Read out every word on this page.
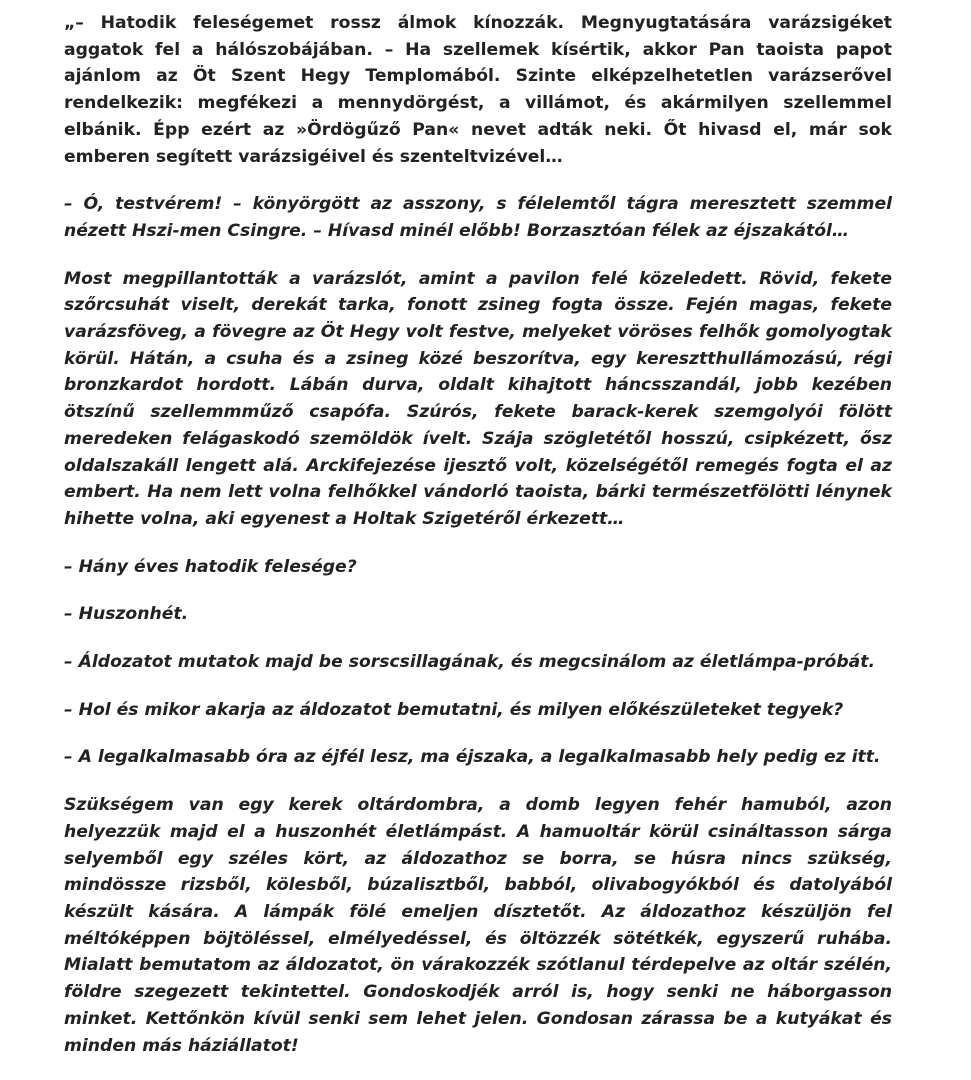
„– Hatodik feleségemet rossz álmok kínozzák. Megnyugtatására varázsigéket aggatok fel a hálószobájában. – Ha szellemek kísértik, akkor Pan taoista papot ajánlom az Öt Szent Hegy Templomából. Szinte elképzelhetetlen varázserővel rendelkezik: megfékezi a mennydörgést, a villámot, és akármilyen szellemmel elbánik. Épp ezért az »Ördögűző Pan« nevet adták neki. Őt hivasd el, már sok emberen segített varázsigéivel és szenteltvizével…

– Ó, testvérem! – könyörgött az asszony, s félelemtől tágra meresztett szemmel nézett Hszi-men Csingre. – Hívasd minél előbb! Borzasztóan félek az éjszakától…

Most megpillantották a varázslót, amint a pavilon felé közeledett. Rövid, fekete szőrcsuhát viselt, derekát tarka, fonott zsineg fogta össze. Fején magas, fekete varázsföveg, a fövegre az Öt Hegy volt festve, melyeket vöröses felhők gomolyogtak körül. Hátán, a csuha és a zsineg közé beszorítva, egy keresztthullámozású, régi bronzkardot hordott. Lábán durva, oldalt kihajtott háncsszandál, jobb kezében ötszínű szellemmműző csapófa. Szúrós, fekete barack-kerek szemgolyói fölött meredeken felágaskodó szemöldök ívelt. Szája szögletétől hosszú, csipkézett, ősz oldalszakáll lengett alá. Arckifejezése ijesztő volt, közelségétől remegés fogta el az embert. Ha nem lett volna felhőkkel vándorló taoista, bárki természetfölötti lénynek hihette volna, aki egyenest a Holtak Szigetéről érkezett…

– Hány éves hatodik felesége?

– Huszonhét.

– Áldozatot mutatok majd be sorscsillagának, és megcsinálom az életlámpa-próbát.

– Hol és mikor akarja az áldozatot bemutatni, és milyen előkészületeket tegyek?

– A legalkalmasabb óra az éjfél lesz, ma éjszaka, a legalkalmasabb hely pedig ez itt.

Szükségem van egy kerek oltárdombra, a domb legyen fehér hamuból, azon helyezzük majd el a huszonhét életlámpást. A hamuoltár körül csináltasson sárga selyemből egy széles kört, az áldozathoz se borra, se húsra nincs szükség, mindössze rizsből, kölesből, búzalisztből, babból, olivabogyókból és datolyából készült kására. A lámpák fölé emeljen dísztetőt. Az áldozathoz készüljön fel méltóképpen böjtöléssel, elmélyedéssel, és öltözzék sötétkék, egyszerű ruhába. Mialatt bemutatom az áldozatot, ön várakozzék szótlanul térdepelve az oltár szélén, földre szegezett tekintettel. Gondoskodjék arról is, hogy senki ne háborgasson minket. Kettőnkön kívül senki sem lehet jelen. Gondosan zárassa be a kutyákat és minden más háziállatot!
